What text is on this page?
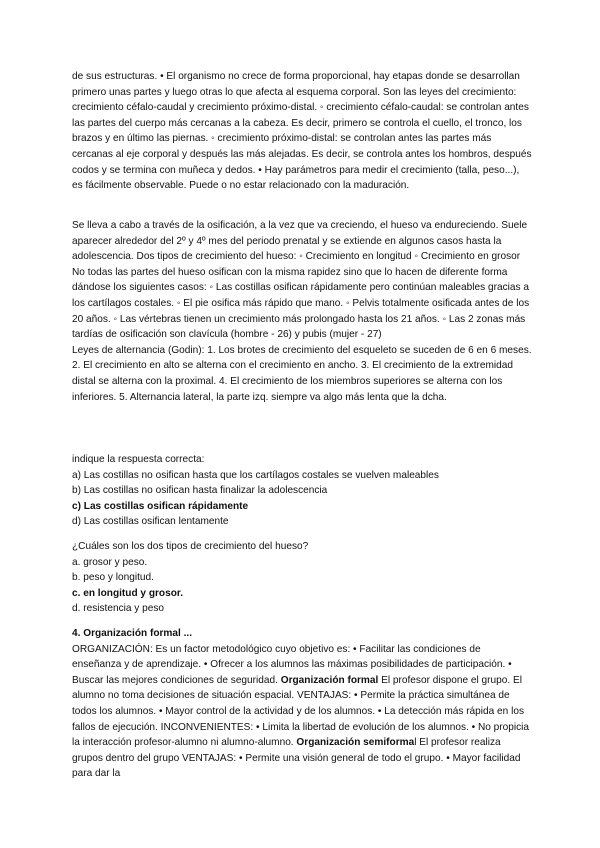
de sus estructuras. • El organismo no crece de forma proporcional, hay etapas donde se desarrollan primero unas partes y luego otras lo que afecta al esquema corporal. Son las leyes del crecimiento: crecimiento céfalo-caudal y crecimiento próximo-distal. ◦ crecimiento céfalo-caudal: se controlan antes las partes del cuerpo más cercanas a la cabeza. Es decir, primero se controla el cuello, el tronco, los brazos y en último las piernas. ◦ crecimiento próximo-distal: se controlan antes las partes más cercanas al eje corporal y después las más alejadas. Es decir, se controla antes los hombros, después codos y se termina con muñeca y dedos. • Hay parámetros para medir el crecimiento (talla, peso...), es fácilmente observable. Puede o no estar relacionado con la maduración.

Se lleva a cabo a través de la osificación, a la vez que va creciendo, el hueso va endureciendo. Suele aparecer alrededor del 2º y 4º mes del periodo prenatal y se extiende en algunos casos hasta la adolescencia. Dos tipos de crecimiento del hueso: ◦ Crecimiento en longitud ◦ Crecimiento en grosor

No todas las partes del hueso osifican con la misma rapidez sino que lo hacen de diferente forma dándose los siguientes casos: ◦ Las costillas osifican rápidamente pero continúan maleables gracias a los cartílagos costales. ◦ El pie osifica más rápido que mano. ◦ Pelvis totalmente osificada antes de los 20 años. ◦ Las vértebras tienen un crecimiento más prolongado hasta los 21 años. ◦ Las 2 zonas más tardías de osificación son clavícula (hombre - 26) y pubis (mujer - 27)

Leyes de alternancia (Godin): 1. Los brotes de crecimiento del esqueleto se suceden de 6 en 6 meses. 2. El crecimiento en alto se alterna con el crecimiento en ancho. 3. El crecimiento de la extremidad distal se alterna con la proximal. 4. El crecimiento de los miembros superiores se alterna con los inferiores. 5. Alternancia lateral, la parte izq. siempre va algo más lenta que la dcha.

indique la respuesta correcta:

a) Las costillas no osifican hasta que los cartílagos costales se vuelven maleables

b) Las costillas no osifican hasta finalizar la adolescencia

c) Las costillas osifican rápidamente

d) Las costillas osifican lentamente

¿Cuáles son los dos tipos de crecimiento del hueso?

a. grosor y peso.

b. peso y longitud.

c. en longitud y grosor.

d. resistencia y peso

4. Organización formal ...

ORGANIZACIÓN: Es un factor metodológico cuyo objetivo es: • Facilitar las condiciones de enseñanza y de aprendizaje. • Ofrecer a los alumnos las máximas posibilidades de participación. • Buscar las mejores condiciones de seguridad. Organización formal El profesor dispone el grupo. El alumno no toma decisiones de situación espacial. VENTAJAS: • Permite la práctica simultánea de todos los alumnos. • Mayor control de la actividad y de los alumnos. • La detección más rápida en los fallos de ejecución. INCONVENIENTES: • Limita la libertad de evolución de los alumnos. • No propicia la interacción profesor-alumno ni alumno-alumno. Organización semiformal El profesor realiza grupos dentro del grupo VENTAJAS: • Permite una visión general de todo el grupo. • Mayor facilidad para dar la
